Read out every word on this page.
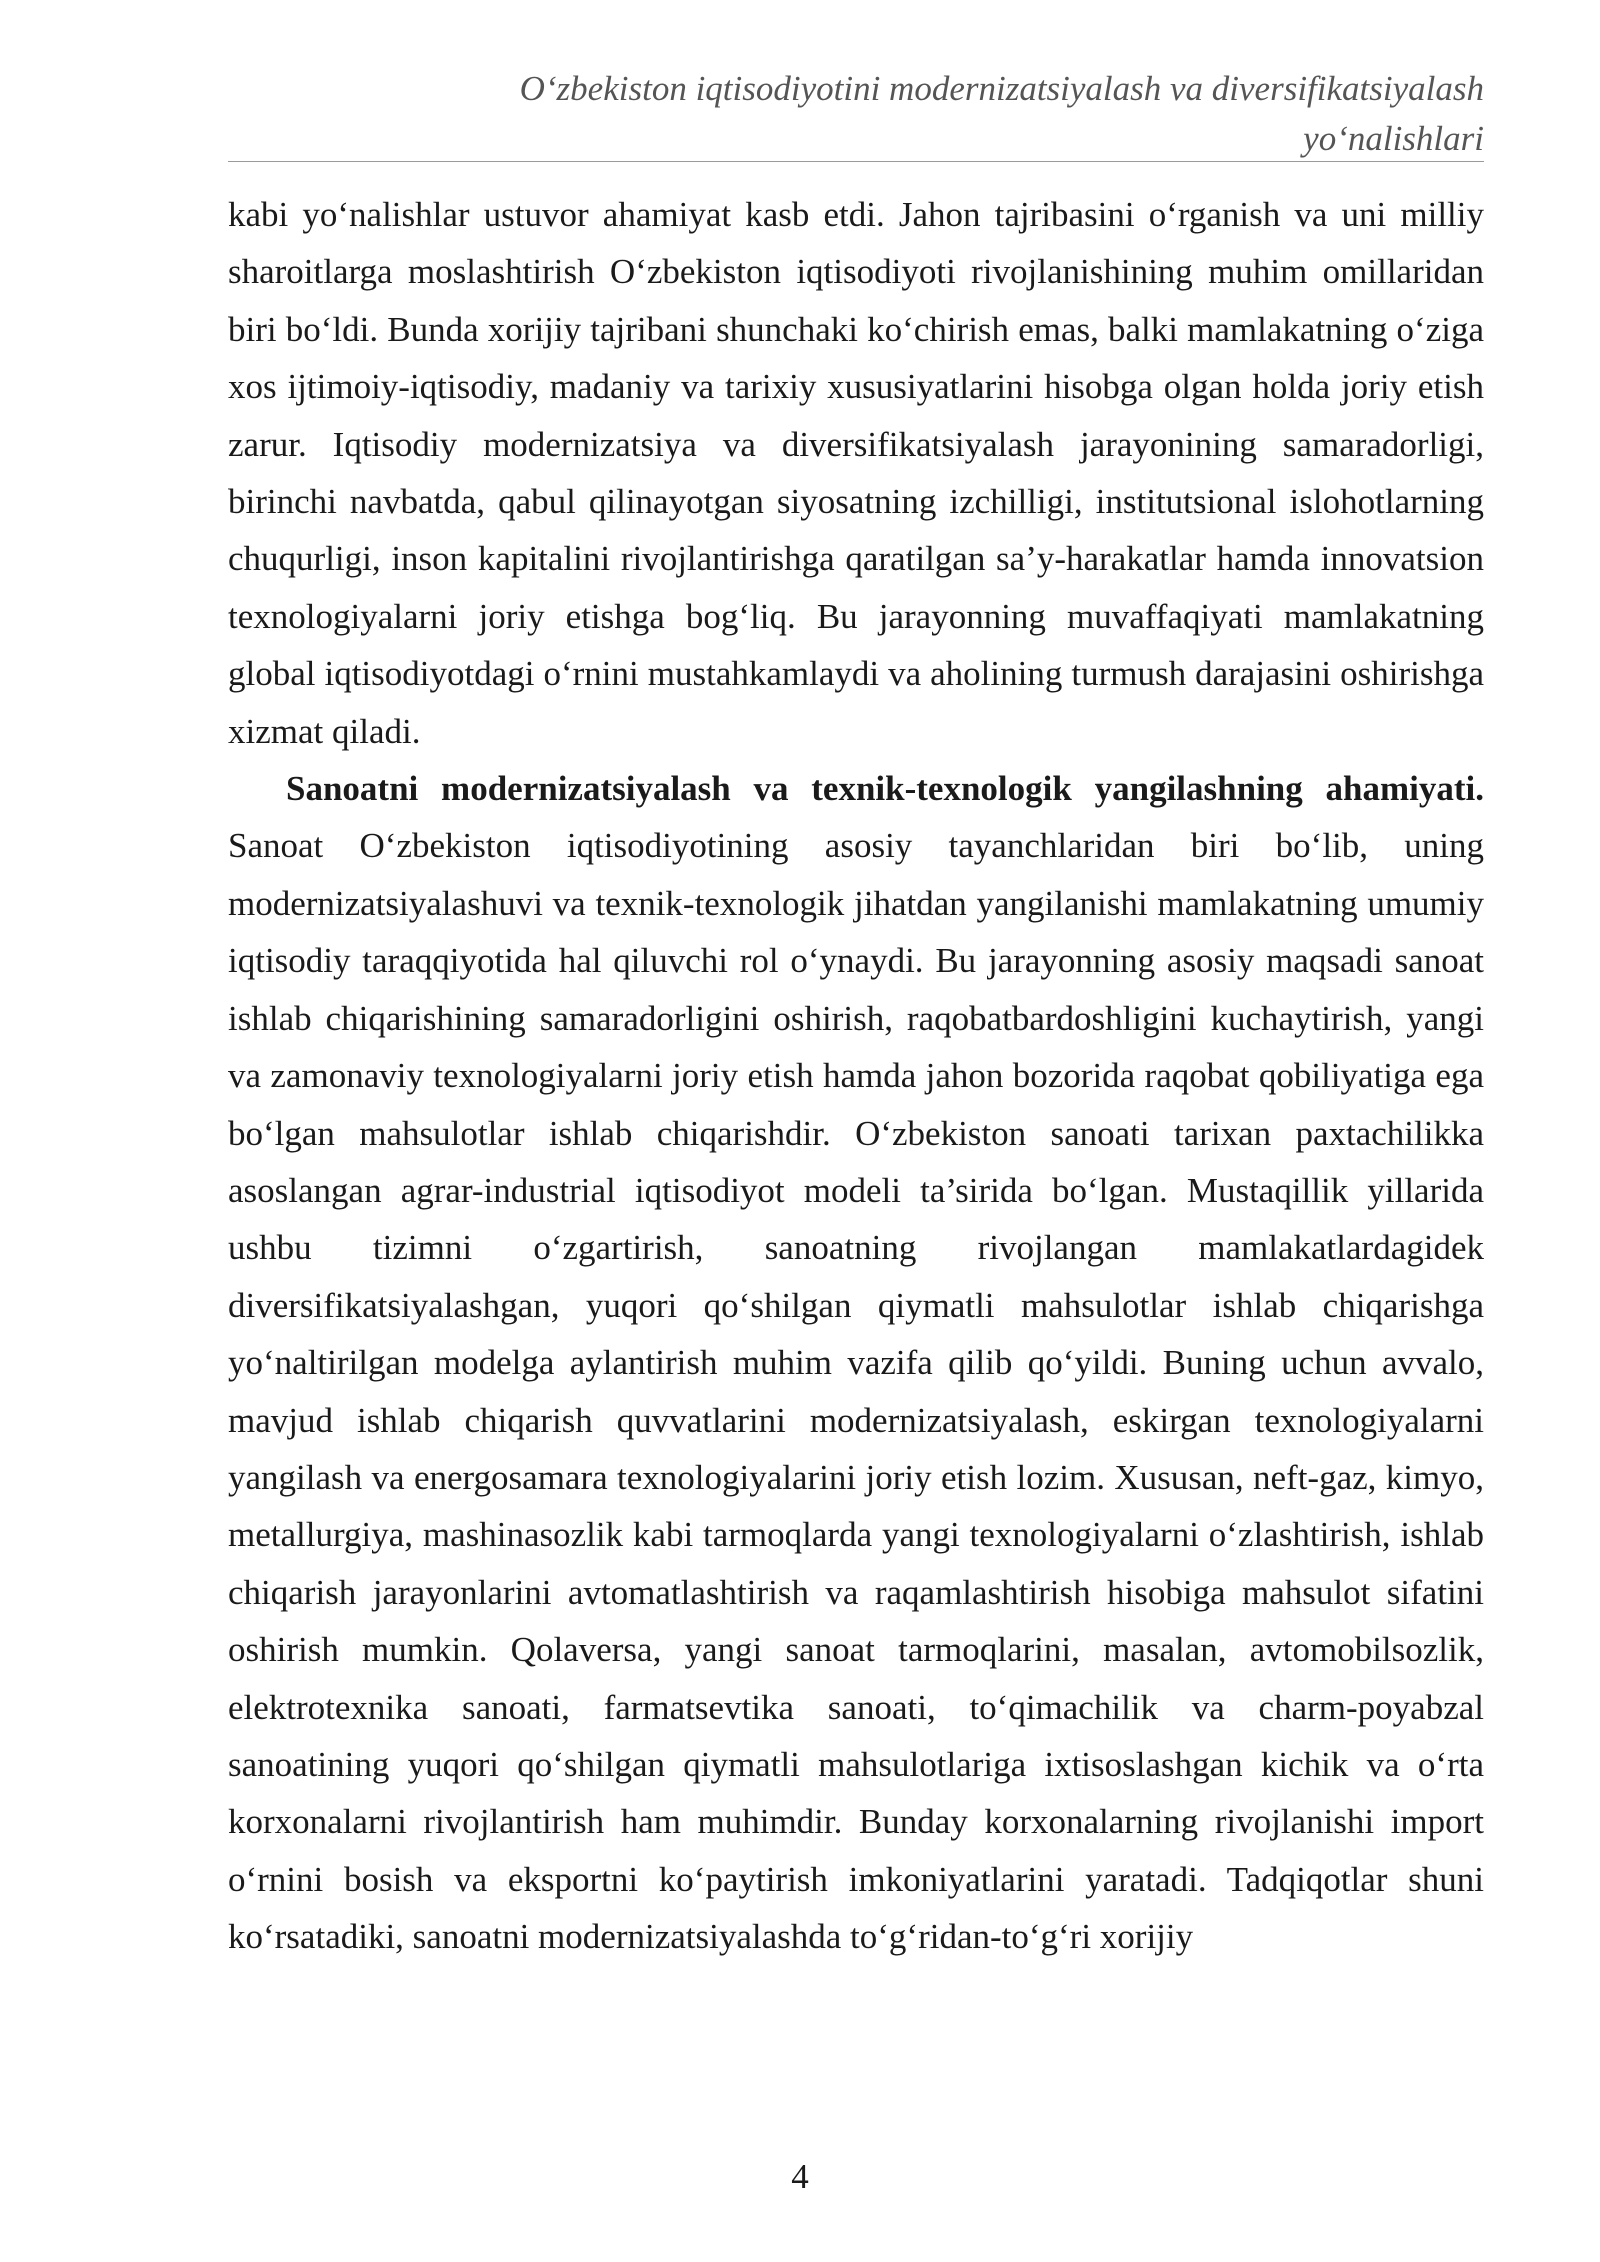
O‘zbekiston iqtisodiyotini modernizatsiyalash va diversifikatsiyalash
yo‘nalishlari

kabi yo‘nalishlar ustuvor ahamiyat kasb etdi. Jahon tajribasini o‘rganish va uni milliy sharoitlarga moslashtirish O‘zbekiston iqtisodiyoti rivojlanishining muhim omillaridan biri bo‘ldi. Bunda xorijiy tajribani shunchaki ko‘chirish emas, balki mamlakatning o‘ziga xos ijtimoiy-iqtisodiy, madaniy va tarixiy xususiyatlarini hisobga olgan holda joriy etish zarur. Iqtisodiy modernizatsiya va diversifikatsiyalash jarayonining samaradorligi, birinchi navbatda, qabul qilinayotgan siyosatning izchilligi, institutsional islohotlarning chuqurligi, inson kapitalini rivojlantirishga qaratilgan sa’y-harakatlar hamda innovatsion texnologiyalarni joriy etishga bog‘liq. Bu jarayonning muvaffaqiyati mamlakatning global iqtisodiyotdagi o‘rnini mustahkamlaydi va aholining turmush darajasini oshirishga xizmat qiladi.

Sanoatni modernizatsiyalash va texnik-texnologik yangilashning ahamiyati. Sanoat O‘zbekiston iqtisodiyotining asosiy tayanchlaridan biri bo‘lib, uning modernizatsiyalashuvi va texnik-texnologik jihatdan yangilanishi mamlakatning umumiy iqtisodiy taraqqiyotida hal qiluvchi rol o‘ynaydi. Bu jarayonning asosiy maqsadi sanoat ishlab chiqarishining samaradorligini oshirish, raqobatbardoshligini kuchaytirish, yangi va zamonaviy texnologiyalarni joriy etish hamda jahon bozorida raqobat qobiliyatiga ega bo‘lgan mahsulotlar ishlab chiqarishdir. O‘zbekiston sanoati tarixan paxtachilikka asoslangan agrar-industrial iqtisodiyot modeli ta’sirida bo‘lgan. Mustaqillik yillarida ushbu tizimni o‘zgartirish, sanoatning rivojlangan mamlakatlardagidek diversifikatsiyalashgan, yuqori qo‘shilgan qiymatli mahsulotlar ishlab chiqarishga yo‘naltirilgan modelga aylantirish muhim vazifa qilib qo‘yildi. Buning uchun avvalo, mavjud ishlab chiqarish quvvatlarini modernizatsiyalash, eskirgan texnologiyalarni yangilash va energosamara texnologiyalarini joriy etish lozim. Xususan, neft-gaz, kimyo, metallurgiya, mashinasozlik kabi tarmoqlarda yangi texnologiyalarni o‘zlashtirish, ishlab chiqarish jarayonlarini avtomatlashtirish va raqamlashtirish hisobiga mahsulot sifatini oshirish mumkin. Qolaversa, yangi sanoat tarmoqlarini, masalan, avtomobilsozlik, elektrotexnika sanoati, farmatsevtika sanoati, to‘qimachilik va charm-poyabzal sanoatining yuqori qo‘shilgan qiymatli mahsulotlariga ixtisoslashgan kichik va o‘rta korxonalarni rivojlantirish ham muhimdir. Bunday korxonalarning rivojlanishi import o‘rnini bosish va eksportni ko‘paytirish imkoniyatlarini yaratadi. Tadqiqotlar shuni ko‘rsatadiki, sanoatni modernizatsiyalashda to‘g‘ridan-to‘g‘ri xorijiy

4
